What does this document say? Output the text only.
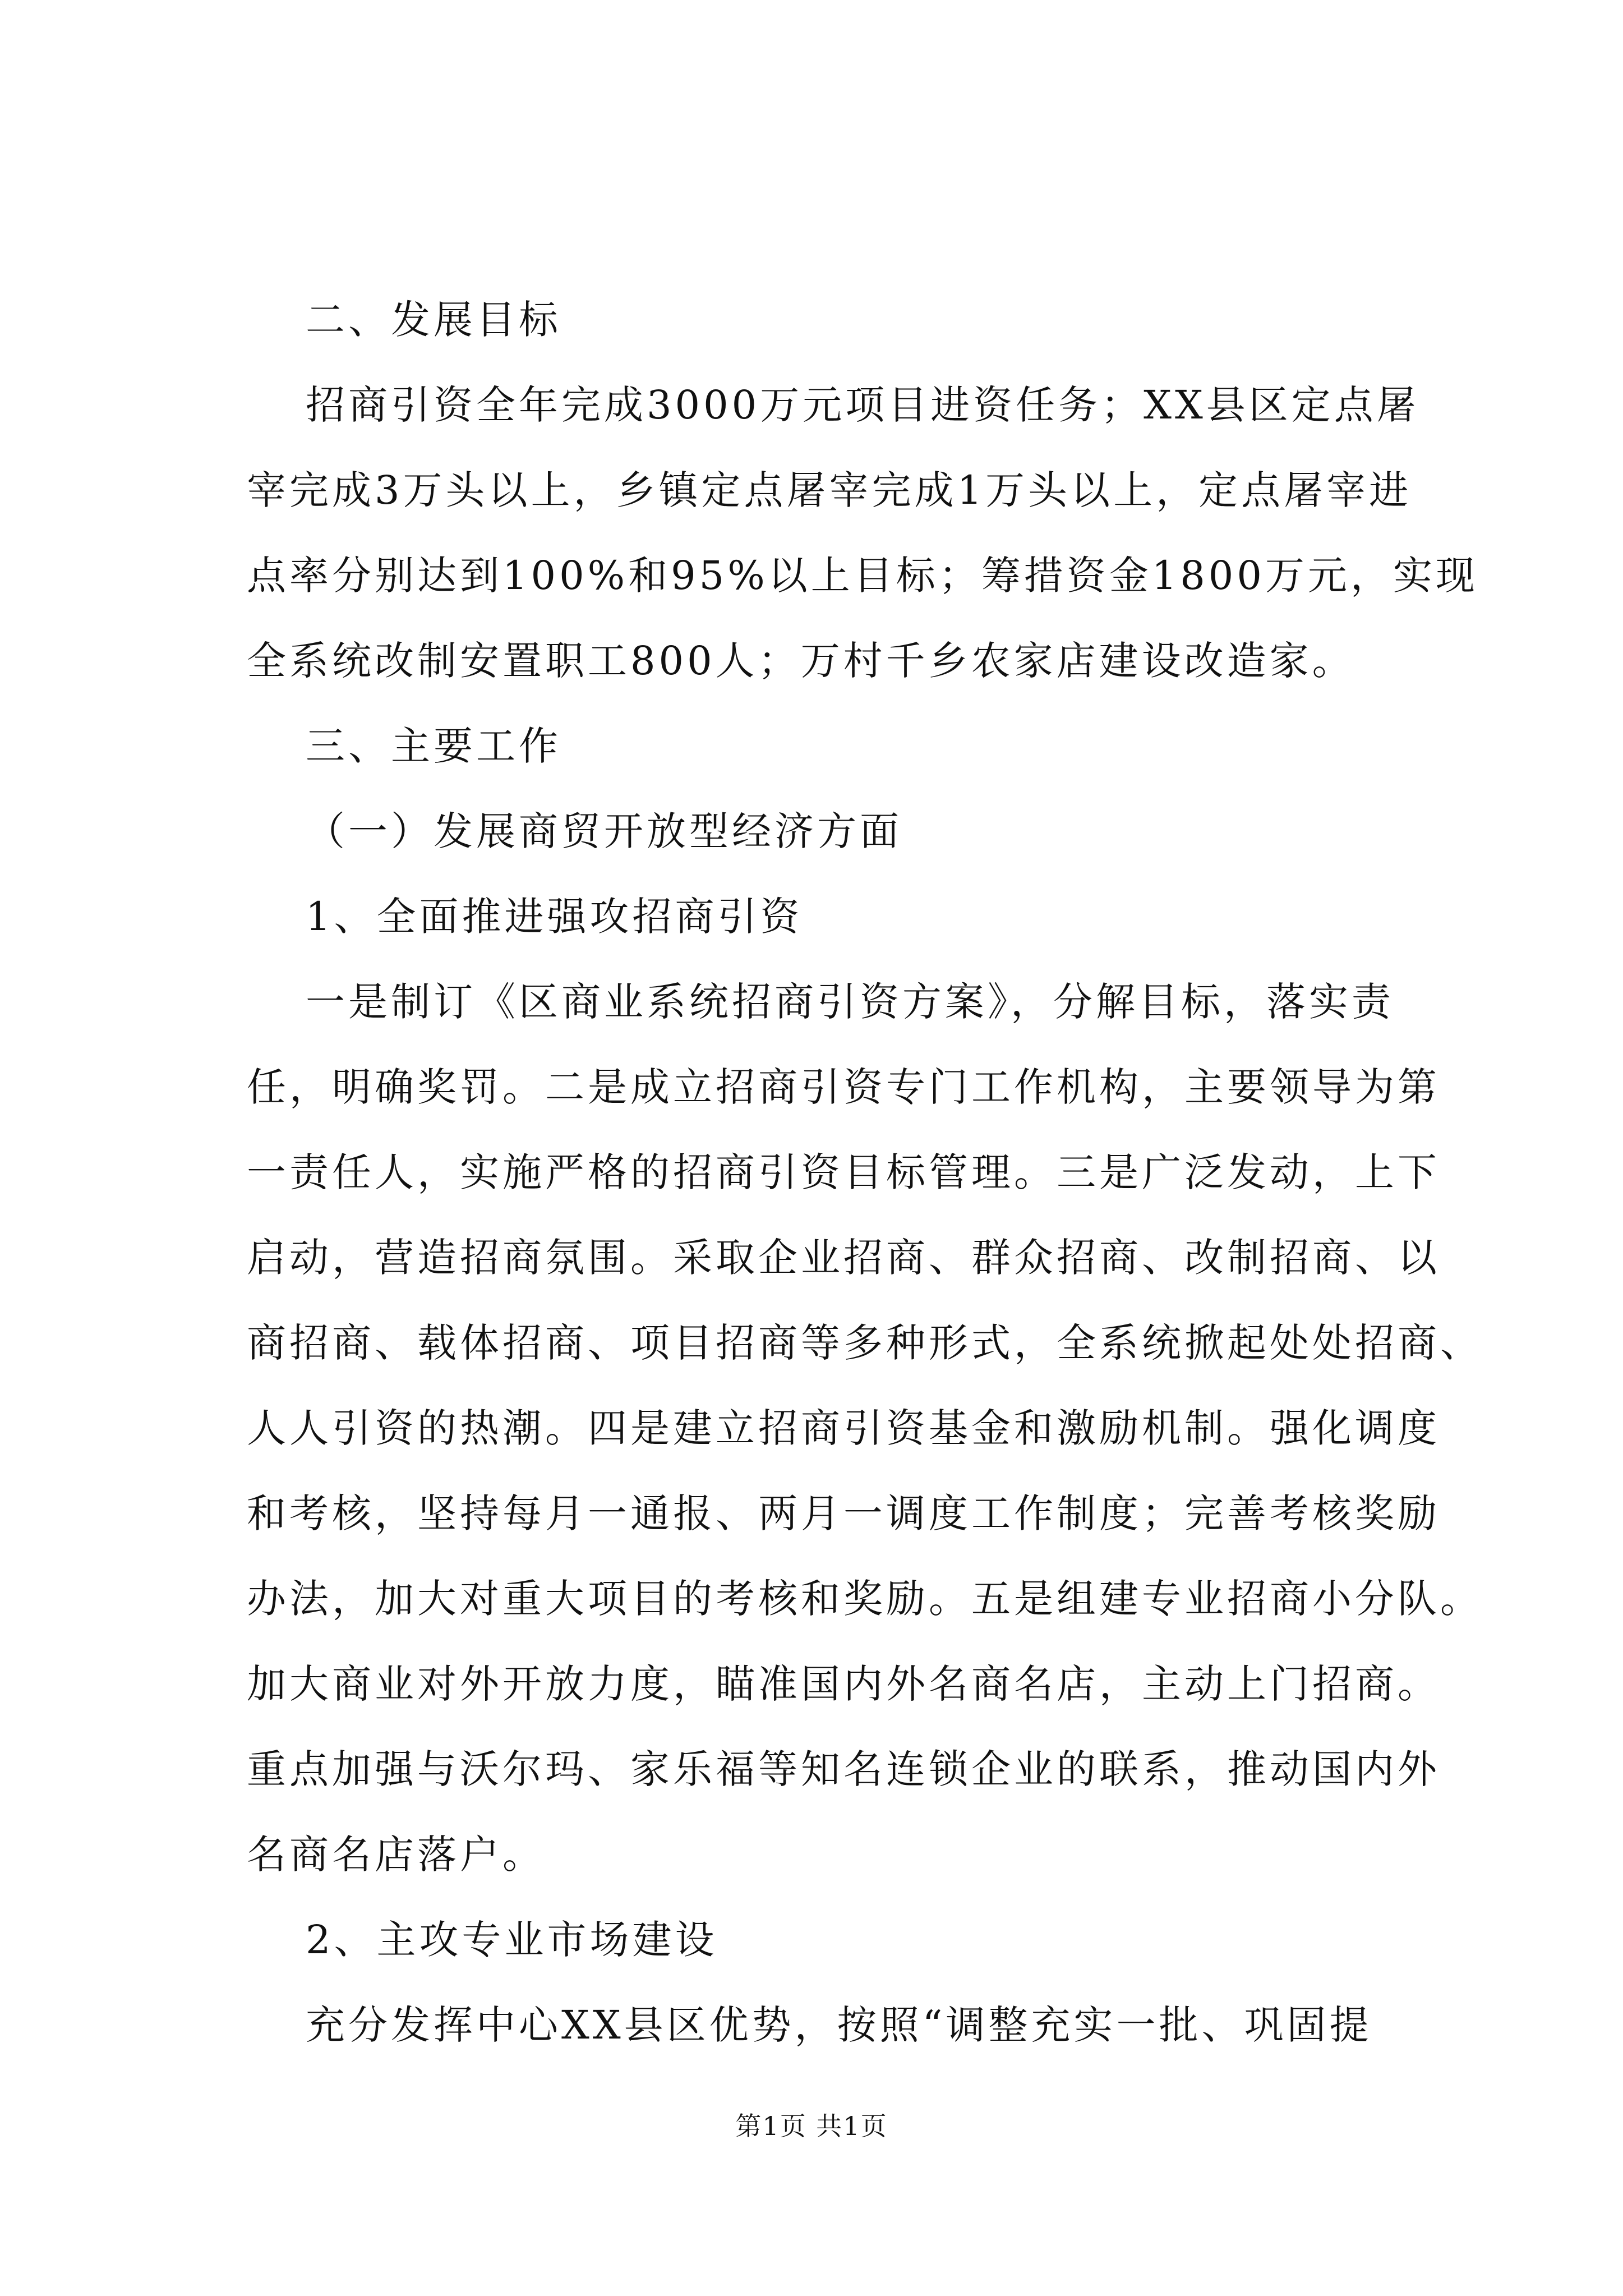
二、发展目标
招商引资全年完成3000万元项目进资任务；XX县区定点屠
宰完成3万头以上，乡镇定点屠宰完成1万头以上，定点屠宰进
点率分别达到100%和95%以上目标；筹措资金1800万元，实现
全系统改制安置职工800人；万村千乡农家店建设改造家。
三、主要工作
（一）发展商贸开放型经济方面
1、全面推进强攻招商引资
一是制订《区商业系统招商引资方案》，分解目标，落实责
任，明确奖罚。二是成立招商引资专门工作机构，主要领导为第
一责任人，实施严格的招商引资目标管理。三是广泛发动，上下
启动，营造招商氛围。采取企业招商、群众招商、改制招商、以
商招商、载体招商、项目招商等多种形式，全系统掀起处处招商、
人人引资的热潮。四是建立招商引资基金和激励机制。强化调度
和考核，坚持每月一通报、两月一调度工作制度；完善考核奖励
办法，加大对重大项目的考核和奖励。五是组建专业招商小分队。
加大商业对外开放力度，瞄准国内外名商名店，主动上门招商。
重点加强与沃尔玛、家乐福等知名连锁企业的联系，推动国内外
名商名店落户。
2、主攻专业市场建设
充分发挥中心XX县区优势，按照“调整充实一批、巩固提
第1页 共1页
